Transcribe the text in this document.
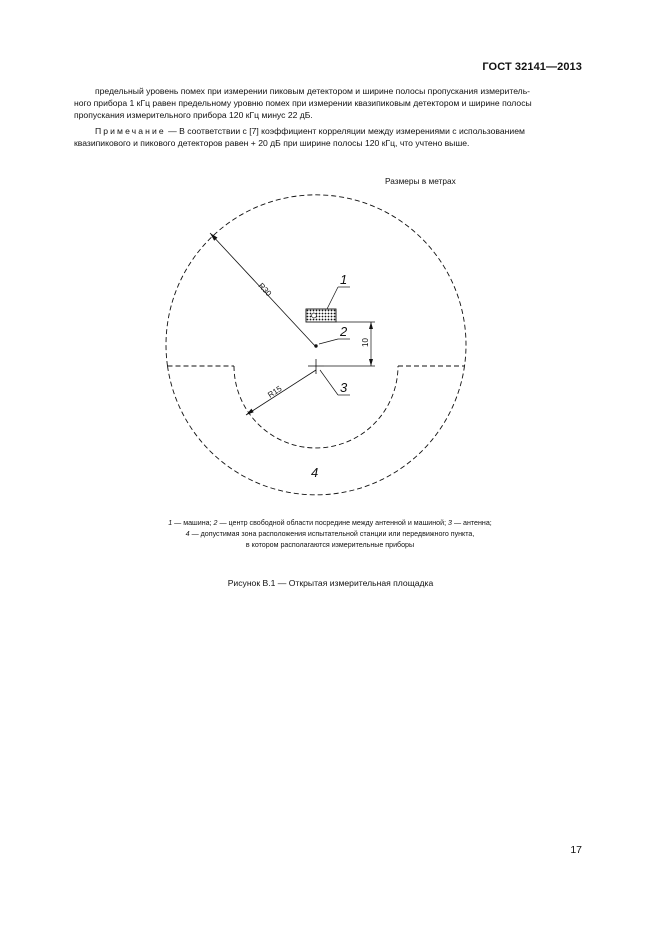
ГОСТ 32141—2013
предельный уровень помех при измерении пиковым детектором и ширине полосы пропускания измеритель-
ного прибора 1 кГц равен предельному уровню помех при измерении квазипиковым детектором и ширине полосы
пропускания измерительного прибора 120 кГц минус 22 дБ.
Примечание — В соответствии с [7] коэффициент корреляции между измерениями с использованием
квазипикового и пикового детекторов равен + 20 дБ при ширине полосы 120 кГц, что учтено выше.
Размеры в метрах
R30
R15
1
2
3
10
4
1 — машина; 2 — центр свободной области посредине между антенной и машиной; 3 — антенна;
4 — допустимая зона расположения испытательной станции или передвижного пункта,
в котором располагаются измерительные приборы
Рисунок В.1 — Открытая измерительная площадка
17
